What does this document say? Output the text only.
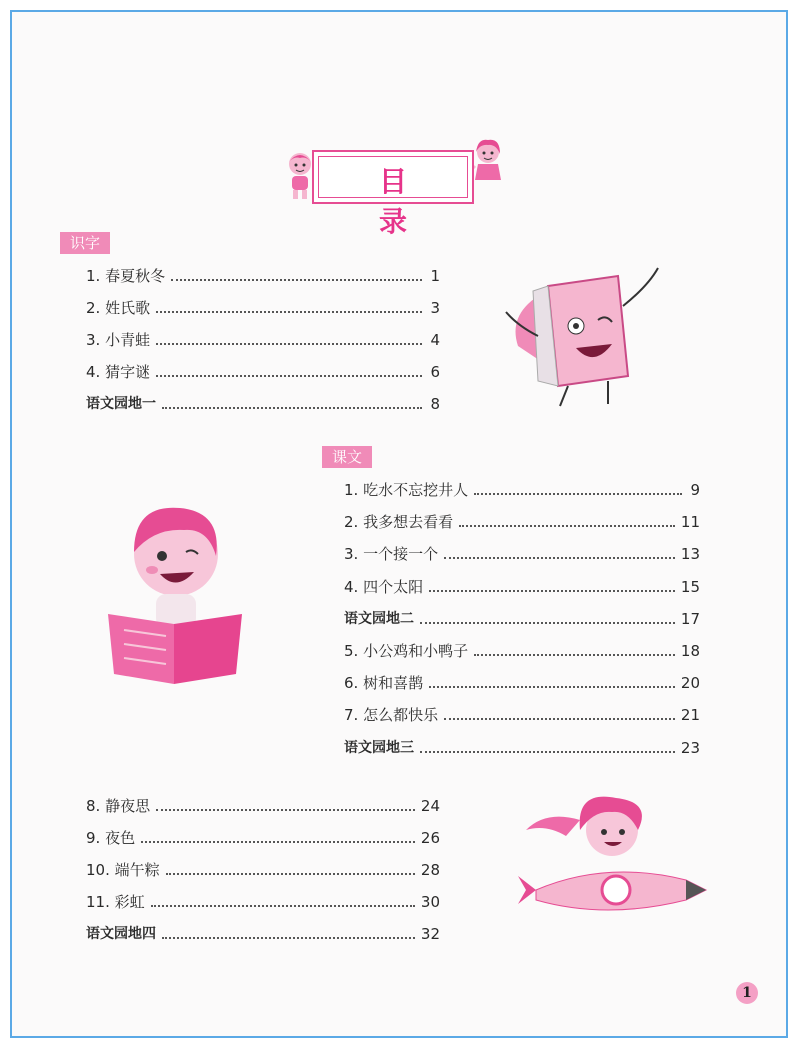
目 录
识字
1. 春夏秋冬	1
2. 姓氏歌	3
3. 小青蛙	4
4. 猜字谜	6
语文园地一	8
课文
1. 吃水不忘挖井人	9
2. 我多想去看看	11
3. 一个接一个	13
4. 四个太阳	15
语文园地二	17
5. 小公鸡和小鸭子	18
6. 树和喜鹊	20
7. 怎么都快乐	21
语文园地三	23
8. 静夜思	24
9. 夜色	26
10. 端午粽	28
11. 彩虹	30
语文园地四	32
1
